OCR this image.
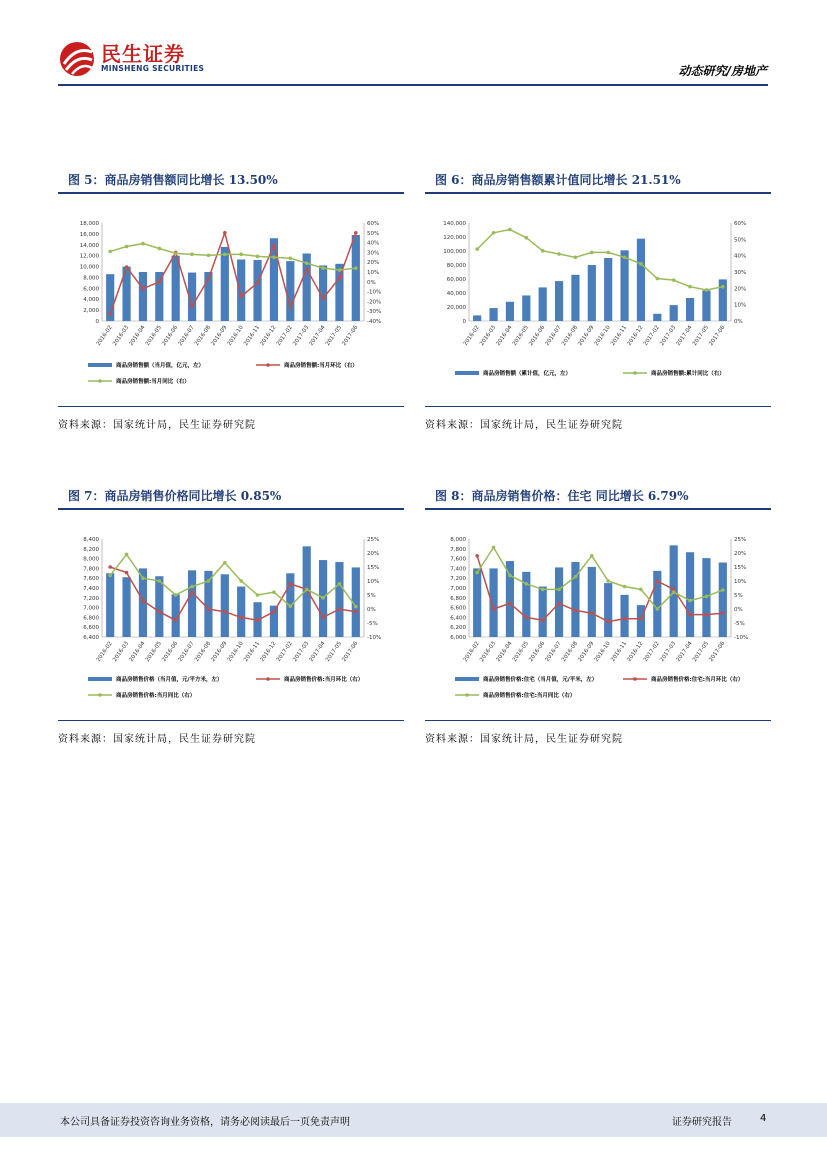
民生证券
MINSHENG SECURITIES	动态研究/房地产
图 5：商品房销售额同比增长 13.50%
0
2,000
4,000
6,000
8,000
10,000
12,000
14,000
16,000
18,000
-40%
-30%
-20%
-10%
0%
10%
20%
30%
40%
50%
60%
2016-02
2016-03
2016-04
2016-05
2016-06
2016-07
2016-08
2016-09
2016-10
2016-11
2016-12
2017-02
2017-03
2017-04
2017-05
2017-06
商品房销售额（当月值，亿元，左）	商品房销售额:当月环比（右）
商品房销售额:当月同比（右）
资料来源：国家统计局，民生证券研究院
图 6：商品房销售额累计值同比增长 21.51%
0
20,000
40,000
60,000
80,000
100,000
120,000
140,000
0%
10%
20%
30%
40%
50%
60%
2016-02
2016-03
2016-04
2016-05
2016-06
2016-07
2016-08
2016-09
2016-10
2016-11
2016-12
2017-02
2017-03
2017-04
2017-05
2017-06
商品房销售额（累计值，亿元，左）	商品房销售额:累计同比（右）
资料来源：国家统计局，民生证券研究院
图 7：商品房销售价格同比增长 0.85%
6,400
6,600
6,800
7,000
7,200
7,400
7,600
7,800
8,000
8,200
8,400
-10%
-5%
0%
5%
10%
15%
20%
25%
2016-02
2016-03
2016-04
2016-05
2016-06
2016-07
2016-08
2016-09
2016-10
2016-11
2016-12
2017-02
2017-03
2017-04
2017-05
2017-06
商品房销售价格（当月值，元/平方米，左）	商品房销售价格:当月环比（右）
商品房销售价格:当月同比（右）
资料来源：国家统计局，民生证券研究院
图 8：商品房销售价格：住宅 同比增长 6.79%
6,000
6,200
6,400
6,600
6,800
7,000
7,200
7,400
7,600
7,800
8,000
-10%
-5%
0%
5%
10%
15%
20%
25%
2016-02
2016-03
2016-04
2016-05
2016-06
2016-07
2016-08
2016-09
2016-10
2016-11
2016-12
2017-02
2017-03
2017-04
2017-05
2017-06
商品房销售价格:住宅（当月值，元/平米，左）	商品房销售价格:住宅:当月环比（右）
商品房销售价格:住宅:当月同比（右）
资料来源：国家统计局，民生证券研究院
本公司具备证券投资咨询业务资格，请务必阅读最后一页免责声明	证券研究报告	4
